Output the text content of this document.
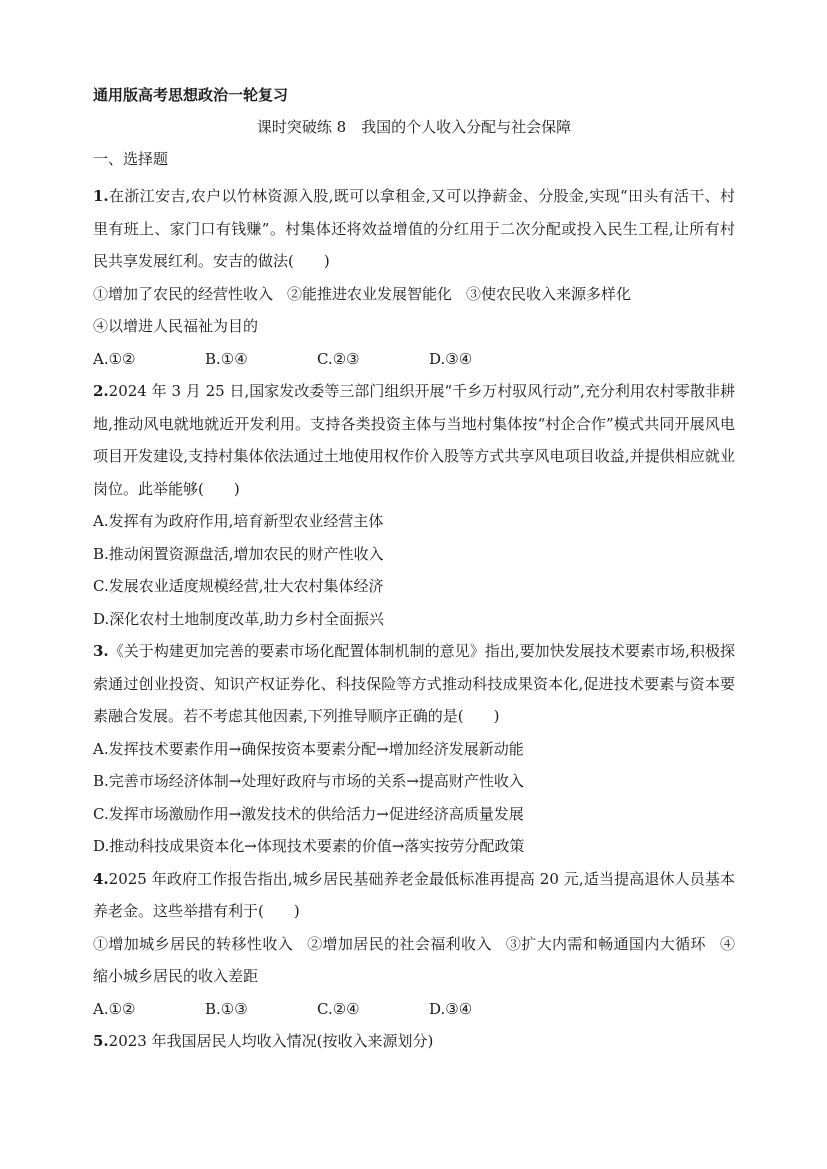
通用版高考思想政治一轮复习
课时突破练 8　我国的个人收入分配与社会保障
一、选择题

1.在浙江安吉,农户以竹林资源入股,既可以拿租金,又可以挣薪金、分股金,实现“田头有活干、村里有班上、家门口有钱赚”。村集体还将效益增值的分红用于二次分配或投入民生工程,让所有村民共享发展红利。安吉的做法( )

①增加了农民的经营性收入 ②能推进农业发展智能化 ③使农民收入来源多样化

④以增进人民福祉为目的

A.①②	B.①④	C.②③	D.③④

2.2024 年 3 月 25 日,国家发改委等三部门组织开展“千乡万村驭风行动”,充分利用农村零散非耕地,推动风电就地就近开发利用。支持各类投资主体与当地村集体按“村企合作”模式共同开展风电项目开发建设,支持村集体依法通过土地使用权作价入股等方式共享风电项目收益,并提供相应就业岗位。此举能够( )

A.发挥有为政府作用,培育新型农业经营主体

B.推动闲置资源盘活,增加农民的财产性收入

C.发展农业适度规模经营,壮大农村集体经济

D.深化农村土地制度改革,助力乡村全面振兴

3.《关于构建更加完善的要素市场化配置体制机制的意见》指出,要加快发展技术要素市场,积极探索通过创业投资、知识产权证券化、科技保险等方式推动科技成果资本化,促进技术要素与资本要素融合发展。若不考虑其他因素,下列推导顺序正确的是( )

A.发挥技术要素作用→确保按资本要素分配→增加经济发展新动能

B.完善市场经济体制→处理好政府与市场的关系→提高财产性收入

C.发挥市场激励作用→激发技术的供给活力→促进经济高质量发展

D.推动科技成果资本化→体现技术要素的价值→落实按劳分配政策

4.2025 年政府工作报告指出,城乡居民基础养老金最低标准再提高 20 元,适当提高退休人员基本养老金。这些举措有利于( )

①增加城乡居民的转移性收入 ②增加居民的社会福利收入 ③扩大内需和畅通国内大循环 ④缩小城乡居民的收入差距

A.①②	B.①③	C.②④	D.③④

5.2023 年我国居民人均收入情况(按收入来源划分)
